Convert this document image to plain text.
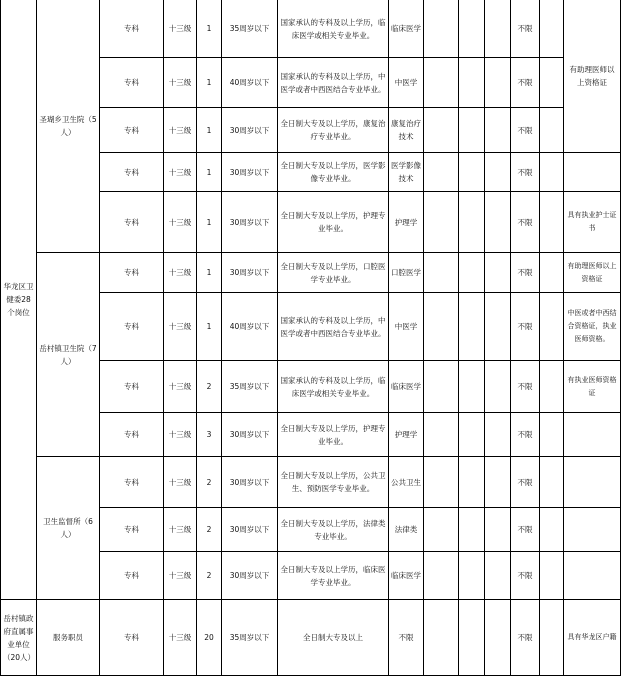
华龙区卫健委28个岗位	圣瑚乡卫生院（5人）	专科	十三级	1	35周岁以下	国家承认的专科及以上学历，临床医学或相关专业毕业。	临床医学				不限		有助理医师以上资格证
		专科	十三级	1	40周岁以下	国家承认的专科及以上学历，中医学或者中西医结合专业毕业。	中医学				不限		
		专科	十三级	1	30周岁以下	全日制大专及以上学历，康复治疗专业毕业。	康复治疗技术				不限		
		专科	十三级	1	30周岁以下	全日制大专及以上学历，医学影像专业毕业。	医学影像技术				不限		
		专科	十三级	1	30周岁以下	全日制大专及以上学历，护理专业毕业。	护理学				不限		具有执业护士证书
	岳村镇卫生院（7人）	专科	十三级	1	30周岁以下	全日制大专及以上学历，口腔医学专业毕业。	口腔医学				不限		有助理医师以上资格证
		专科	十三级	1	40周岁以下	国家承认的专科及以上学历，中医学或者中西医结合专业毕业。	中医学				不限		中医或者中西结合资格证，执业医师资格。
		专科	十三级	2	35周岁以下	国家承认的专科及以上学历，临床医学或相关专业毕业。	临床医学				不限		有执业医师资格证
		专科	十三级	3	30周岁以下	全日制大专及以上学历，护理专业毕业。	护理学				不限		
	卫生监督所（6人）	专科	十三级	2	30周岁以下	全日制大专及以上学历，公共卫生、预防医学专业毕业。	公共卫生				不限		
		专科	十三级	2	30周岁以下	全日制大专及以上学历，法律类专业毕业。	法律类				不限		
		专科	十三级	2	30周岁以下	全日制大专及以上学历，临床医学专业毕业。	临床医学				不限		
岳村镇政府直属事业单位（20人）	服务职员	专科	十三级	20	35周岁以下	全日制大专及以上	不限				不限		具有华龙区户籍
